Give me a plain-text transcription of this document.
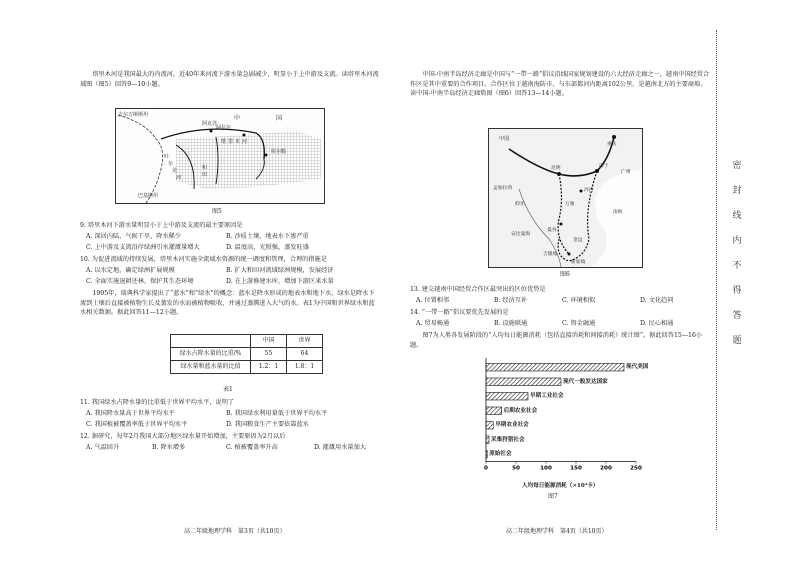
塔里木河是我国最大的内流河。近40年来河流下游水量急剧减少，明显小于上中游及支流。读塔里木河流域图（图5）回答9—10小题。
吉尔吉斯斯坦	中	国
阿克苏
塔 里 木 河
和
田
叶
尔
羌
河
巴基斯坦
阿拉尔
库尔勒
图5
9. 塔里木河下游水量明显小于上中游及支流的最主要原因是
A. 深居内陆，气候干旱，降水稀少	B. 沙质土壤，地表水下渗严重
C. 上中游及支流沿岸绿洲引水灌溉量增大	D. 温度高，光照强，蒸发旺盛
10. 为促进流域的持续发展，塔里木河实施全流域水资源的统一调度和管理，合理的措施是
A. 以水定地，确定绿洲扩展规模	B. 扩大和田河流域绿洲规模，发展经济
C. 全面实施退耕还林，保护其生态环境	D. 在上游修建水库，增加下游区来水量
1995年，瑞典科学家提出了“蓝水”和“绿水”的概念：蓝水是降水形成的地表水和地下水，绿水是降水下渗到土壤后直接被植物生长及蒸发的水而被植物吸收，并通过蒸腾进入大气的水。表1为中国和世界绿水和蓝水相关数据。据此回答11—12小题。
	中国	世界
绿水占降水量的比重/%	55	64
绿水量和蓝水量的比值	1.2：1	1.8：1
表1
11. 我国绿水占降水量的比重低于世界平均水平，说明了
A. 我国降水量高于世界平均水平	B. 我国绿水利用量低于世界平均水平
C. 我国植被覆盖率低于世界平均水平	D. 我国粮食生产主要依靠蓝水
12. 据研究，每年2月我国大部分地区绿水量开始增加，主要原因为2月以后
A. 气温回升	B. 降水增多	C. 植被覆盖率升高	D. 灌溉用水量加大
高二年级地理学科　第3页（共10页）
中国-中南半岛经济走廊是中国与“一带一路”倡议沿线国家规划建设的六大经济走廊之一，越南中国经贸合作区是其中重要的合作项目。合作区位于越南海防市，与东部都河内距离102公里，是越南北方的主要商埠。读中国-中南半岛经济走廊简图（图6）回答13—14小题。
重庆
昆明	南宁
河内
曼谷
金边
万象
新加坡
吉隆坡
仰光
孟加拉湾
南海
安达曼海
广州
中国
图6
13. 建交越南中国经贸合作区最突出的区位优势是
A. 位置相邻	B. 经济互补	C. 环境相似	D. 文化趋同
14. “一带一路”倡议要优先发展的是
A. 贸易畅通	B. 设施联通	C. 资金融通	D. 民心相通
图7为人类各发展阶段的“人均每日能源消耗（包括直接消耗和间接消耗）统计图”。据此回答15—16小题。
0	50	100	150	200	250
现代美国
现代一般发达国家
早期工业社会
后期农业社会
早期农业社会
采集狩猎社会
原始社会
人均每日能源消耗（×10³卡）
图7
高二年级地理学科　第4页（共10页）
密
封
线
内
不
得
答
题
